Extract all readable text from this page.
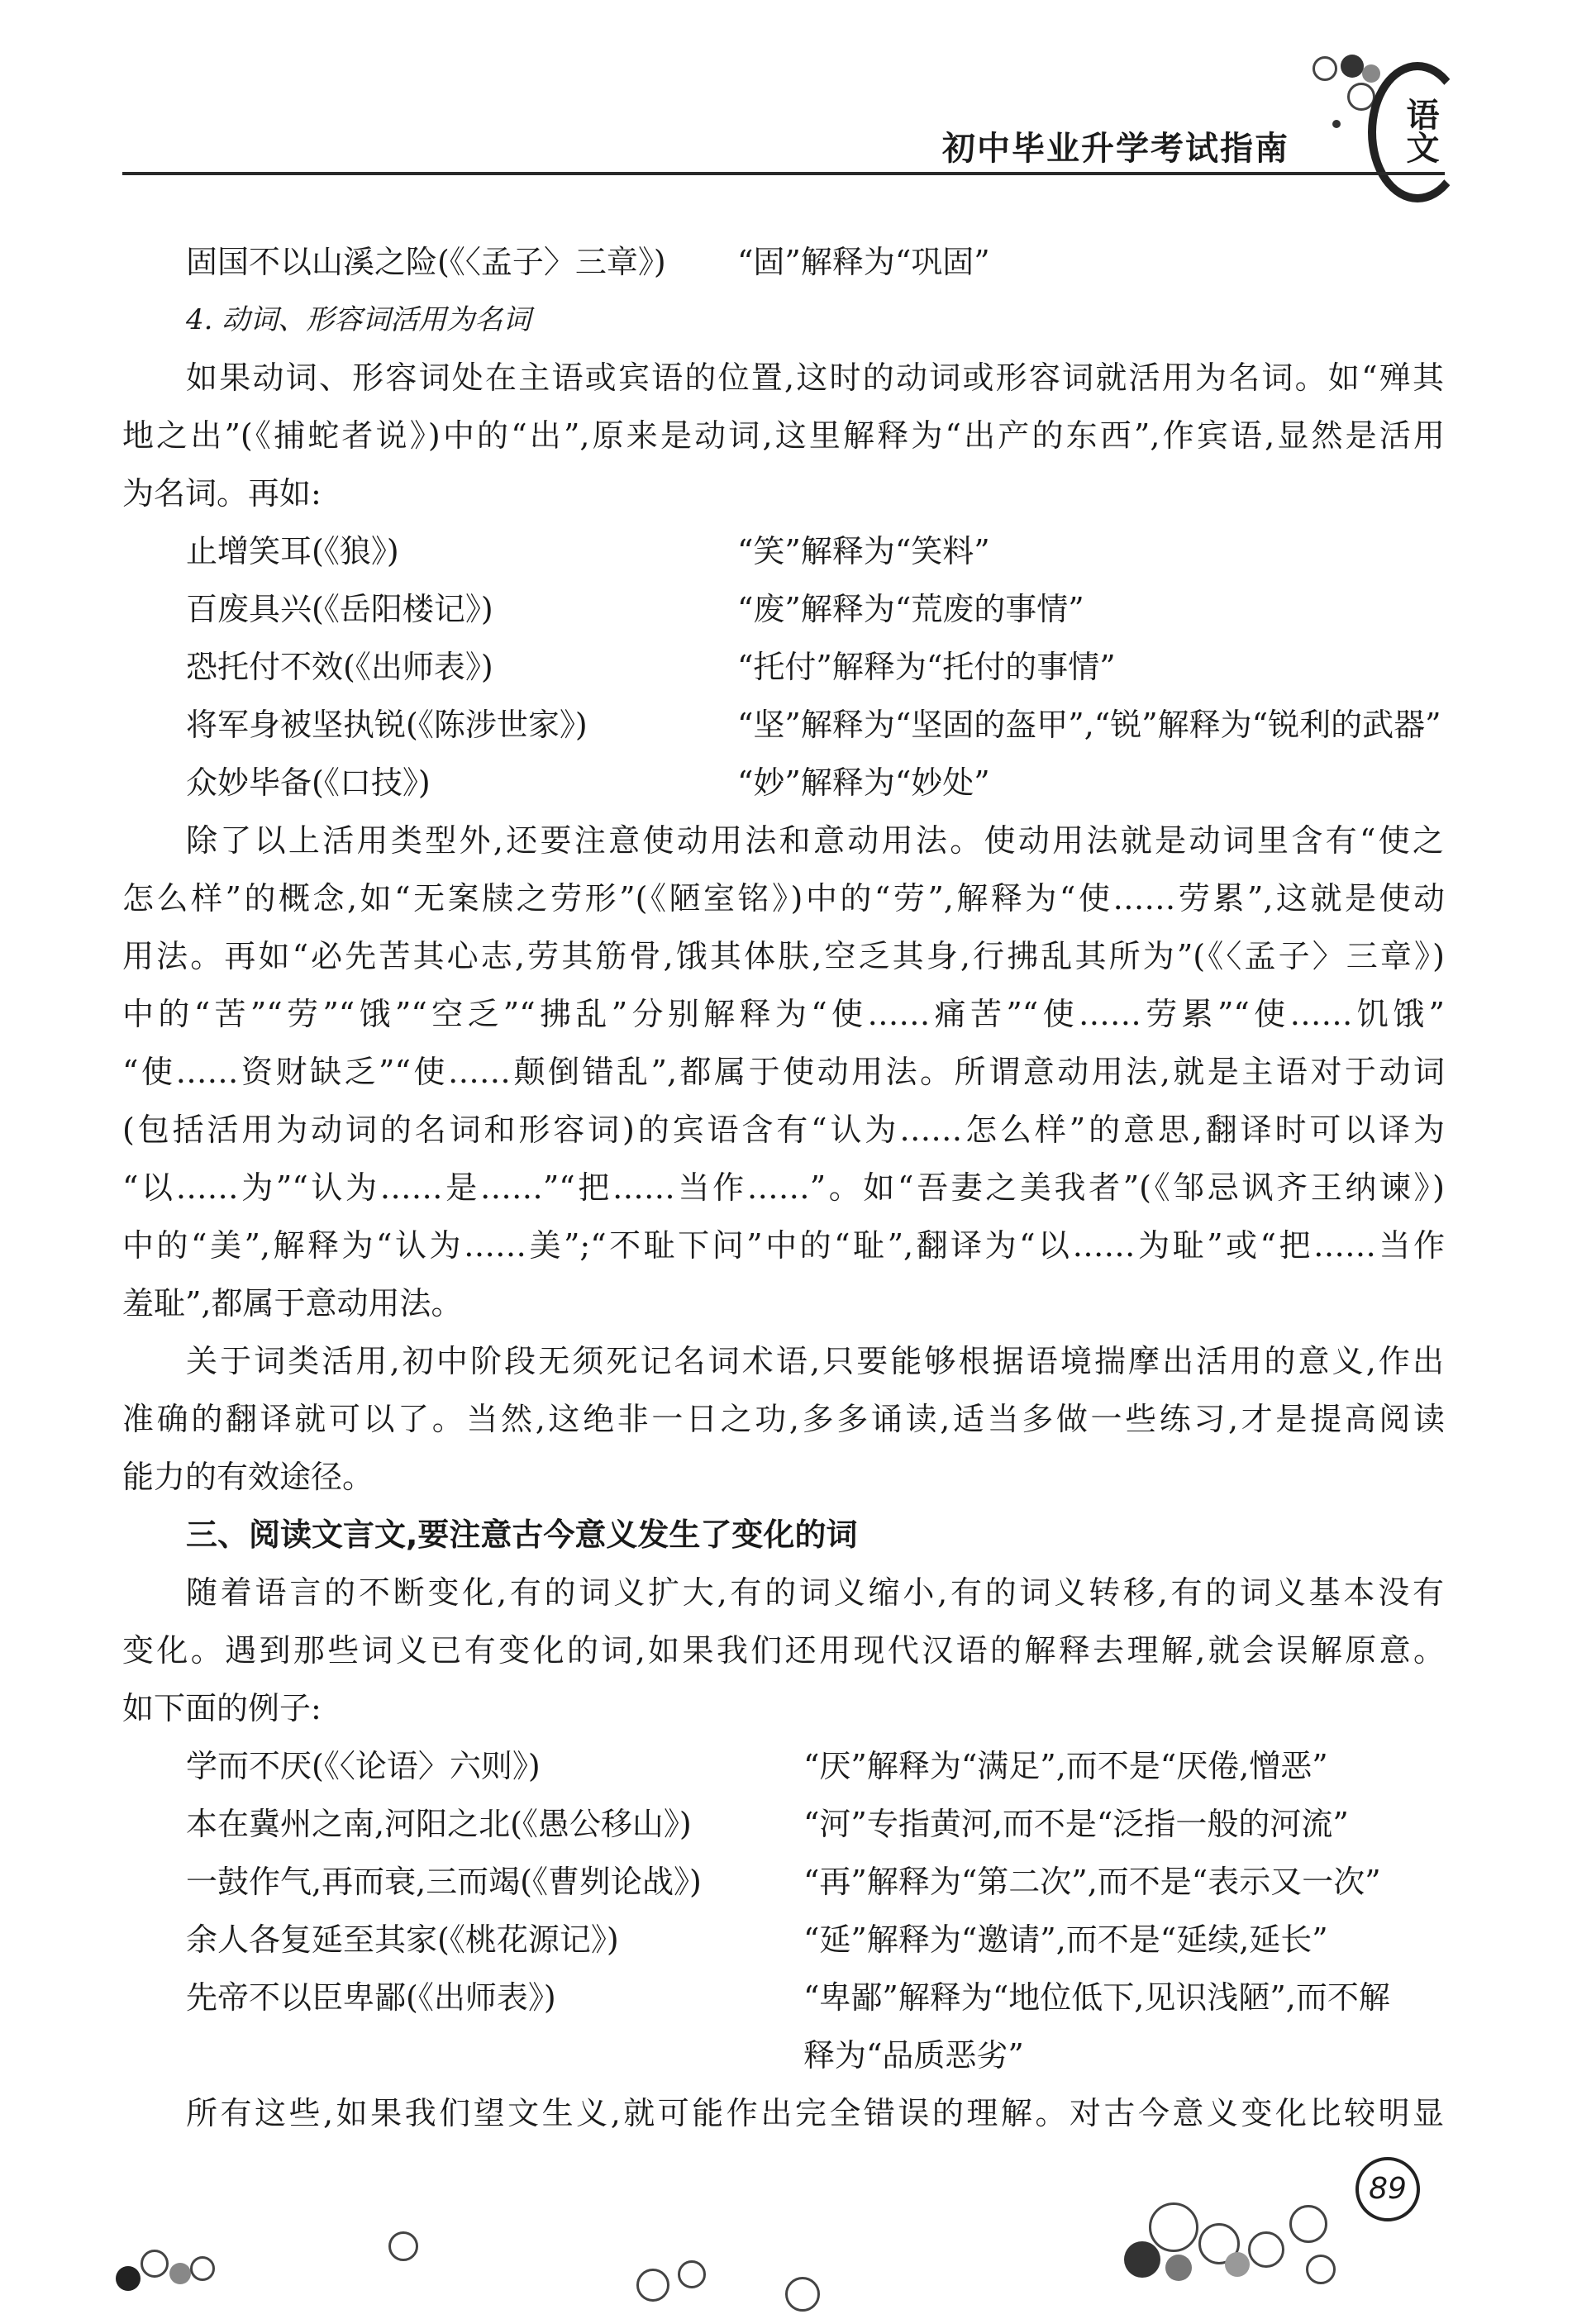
语文
初中毕业升学考试指南
固国不以山溪之险(《〈孟子〉三章》) “固”解释为“巩固”
4. 动词、形容词活用为名词
如果动词、形容词处在主语或宾语的位置,这时的动词或形容词就活用为名词。如“殚其
地之出”(《捕蛇者说》)中的“出”,原来是动词,这里解释为“出产的东西”,作宾语,显然是活用
为名词。再如:
止增笑耳(《狼》)	“笑”解释为“笑料”
百废具兴(《岳阳楼记》)	“废”解释为“荒废的事情”
恐托付不效(《出师表》)	“托付”解释为“托付的事情”
将军身被坚执锐(《陈涉世家》)	“坚”解释为“坚固的盔甲”,“锐”解释为“锐利的武器”
众妙毕备(《口技》)	“妙”解释为“妙处”
除了以上活用类型外,还要注意使动用法和意动用法。使动用法就是动词里含有“使之
怎么样”的概念,如“无案牍之劳形”(《陋室铭》)中的“劳”,解释为“使……劳累”,这就是使动
用法。再如“必先苦其心志,劳其筋骨,饿其体肤,空乏其身,行拂乱其所为”(《〈孟子〉三章》)
中的“苦”“劳”“饿”“空乏”“拂乱”分别解释为“使……痛苦”“使……劳累”“使……饥饿”
“使……资财缺乏”“使……颠倒错乱”,都属于使动用法。所谓意动用法,就是主语对于动词
(包括活用为动词的名词和形容词)的宾语含有“认为……怎么样”的意思,翻译时可以译为
“以……为”“认为……是……”“把……当作……”。如“吾妻之美我者”(《邹忌讽齐王纳谏》)
中的“美”,解释为“认为……美”;“不耻下问”中的“耻”,翻译为“以……为耻”或“把……当作
羞耻”,都属于意动用法。
关于词类活用,初中阶段无须死记名词术语,只要能够根据语境揣摩出活用的意义,作出
准确的翻译就可以了。当然,这绝非一日之功,多多诵读,适当多做一些练习,才是提高阅读
能力的有效途径。
三、阅读文言文,要注意古今意义发生了变化的词
随着语言的不断变化,有的词义扩大,有的词义缩小,有的词义转移,有的词义基本没有
变化。遇到那些词义已有变化的词,如果我们还用现代汉语的解释去理解,就会误解原意。
如下面的例子:
学而不厌(《〈论语〉六则》)	“厌”解释为“满足”,而不是“厌倦,憎恶”
本在冀州之南,河阳之北(《愚公移山》)	“河”专指黄河,而不是“泛指一般的河流”
一鼓作气,再而衰,三而竭(《曹刿论战》)	“再”解释为“第二次”,而不是“表示又一次”
余人各复延至其家(《桃花源记》)	“延”解释为“邀请”,而不是“延续,延长”
先帝不以臣卑鄙(《出师表》)	“卑鄙”解释为“地位低下,见识浅陋”,而不解
释为“品质恶劣”
所有这些,如果我们望文生义,就可能作出完全错误的理解。对古今意义变化比较明显
89
